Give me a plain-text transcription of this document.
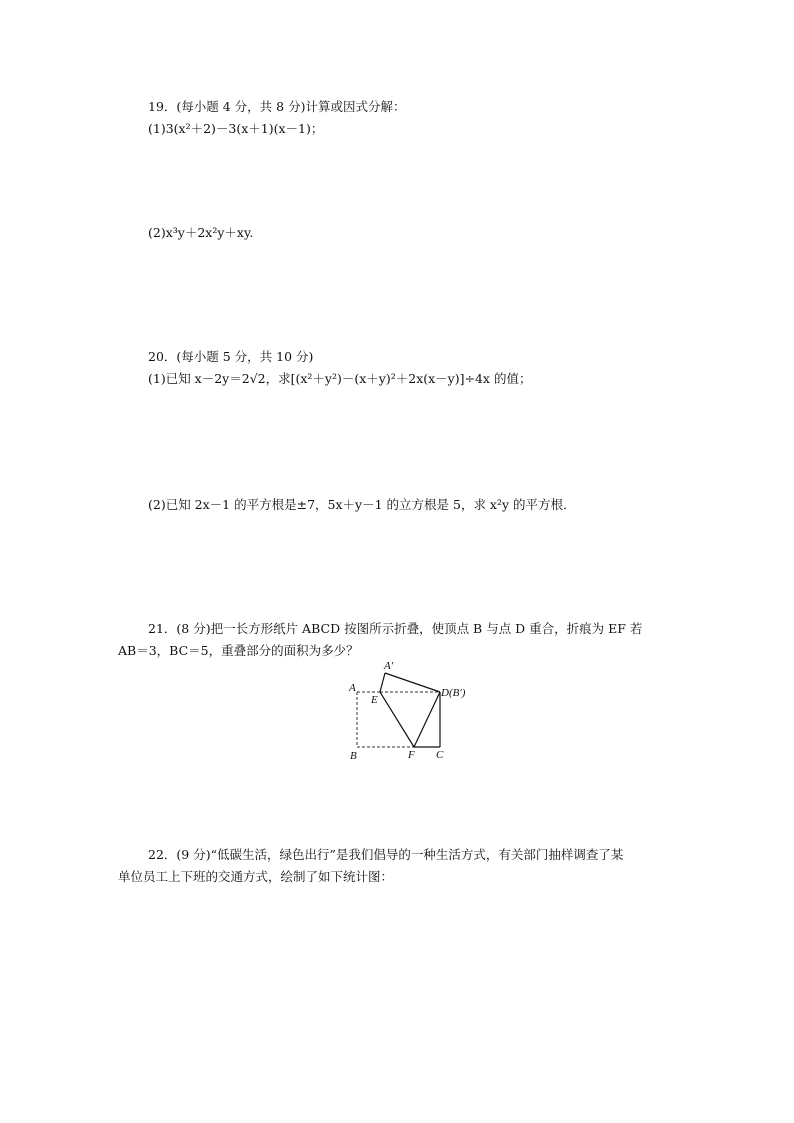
19．(每小题 4 分，共 8 分)计算或因式分解：
(1)3(x²＋2)－3(x＋1)(x－1)；
(2)x³y＋2x²y＋xy.
20．(每小题 5 分，共 10 分)
(1)已知 x－2y＝2√2，求[(x²＋y²)－(x＋y)²＋2x(x－y)]÷4x 的值；
(2)已知 2x－1 的平方根是±7，5x＋y－1 的立方根是 5，求 x²y 的平方根．
21．(8 分)把一长方形纸片 ABCD 按图所示折叠，使顶点 B 与点 D 重合，折痕为 EF 若
AB＝3，BC＝5，重叠部分的面积为多少？
A′
A
E
D(B′)
B	F C
22．(9 分)“低碳生活，绿色出行”是我们倡导的一种生活方式，有关部门抽样调查了某
单位员工上下班的交通方式，绘制了如下统计图：
